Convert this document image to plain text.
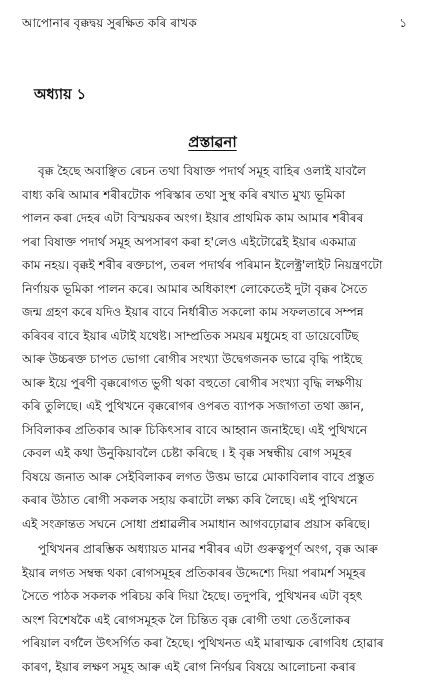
আপোনাৰ বৃক্কদ্বয় সুৰক্ষিত কৰি ৰাখক	১
অধ্যায় ১
প্ৰস্তাৱনা

বৃক্ক হৈছে অবাঞ্ছিত ৰেচন তথা বিষাক্ত পদাৰ্থ সমূহ বাহিৰ ওলাই যাবলৈ
বাধ্য কৰি আমাৰ শৰীৰটোক পৰিস্কাৰ তথা সুস্থ কৰি ৰখাত মুখ্য ভূমিকা
পালন কৰা দেহৰ এটা বিস্ময়কৰ অংগ। ইয়াৰ প্ৰাথমিক কাম আমাৰ শৰীৰৰ
পৰা বিষাক্ত পদাৰ্থ সমূহ অপসাৰণ কৰা হ'লেও এইটোৱেই ইয়াৰ একমাত্ৰ
কাম নহয়। বৃক্কই শৰীৰ ৰক্তচাপ, তৰল পদাৰ্থৰ পৰিমান ইলেক্ট্ৰ'লাইট নিয়ন্ত্ৰণটো
নিৰ্ণায়ক ভূমিকা পালন কৰে। আমাৰ অধিকাংশ লোকেতেই দুটা বৃক্কৰ সৈতে
জন্ম গ্ৰহণ কৰে যদিও ইয়াৰ বাবে নিৰ্ধাৰীত সকলো কাম সফলতাৰে সম্পন্ন
কৰিবৰ বাবে ইয়াৰ এটাই যথেষ্ট। সাম্প্ৰতিক সময়ৰ মধুমেহ বা ডায়েবেটিছ
আৰু উচ্চৰক্ত চাপত ভোগা ৰোগীৰ সংখ্যা উদ্বেগজনক ভাৱে বৃদ্ধি পাইছে
আৰু ইয়ে পুৰণী বৃক্কৰোগত ভুগী থকা বহুতো ৰোগীৰ সংখ্যা বৃদ্ধি লক্ষণীয়
কৰি তুলিছে। এই পুথিখনে বৃক্কৰোগৰ ওপৰত ব্যাপক সজাগতা তথা জ্ঞান,
সিবিলাকৰ প্ৰতিকাৰ আৰু চিকিৎসাৰ বাবে আহ্বান জনাইছে। এই পুথিখনে
কেবল এই কথা উনুকিয়াবলৈ চেষ্টা কৰিছে । ই বৃক্ক সম্বন্ধীয় ৰোগ সমূহৰ
বিষয়ে জনাত আৰু সেইবিলাকৰ লগত উত্তম ভাৱে মোকাবিলাৰ বাবে প্ৰস্তুত
কৰাৰ উঠাত ৰোগী সকলক সহায় কৰাটো লক্ষ্য কৰি লৈছে। এই পুথিখনে
এই সংক্ৰান্তত সঘনে সোধা প্ৰশ্নাৱলীৰ সমাধান আগবঢ়োৱাৰ প্ৰয়াস কৰিছে।

পুথিখনৰ প্ৰাৰম্ভিক অধ্যায়ত মানৱ শৰীৰৰ এটা গুৰুত্বপূৰ্ণ অংগ, বৃক্ক আৰু
ইয়াৰ লগত সম্বন্ধ থকা ৰোগসমূহৰ প্ৰতিকাৰৰ উদ্দেশ্যে দিয়া পৰামৰ্শ সমূহৰ
সৈতে পাঠক সকলক পৰিচয় কৰি দিয়া হৈছে। তদুপৰি, পুথিখনৰ এটা বৃহৎ
অংশ বিশেষকৈ এই ৰোগসমূহক লৈ চিন্তিত বৃক্ক ৰোগী তথা তেওঁলোকৰ
পৰিয়াল বৰ্গলৈ উৎসৰ্গিত কৰা হৈছে। পুথিখনত এই মাৰাত্মক ৰোগবিধ হোৱাৰ
কাৰণ, ইয়াৰ লক্ষণ সমূহ আৰু এই ৰোগ নিৰ্ণয়ৰ বিষয়ে আলোচনা কৰাৰ
